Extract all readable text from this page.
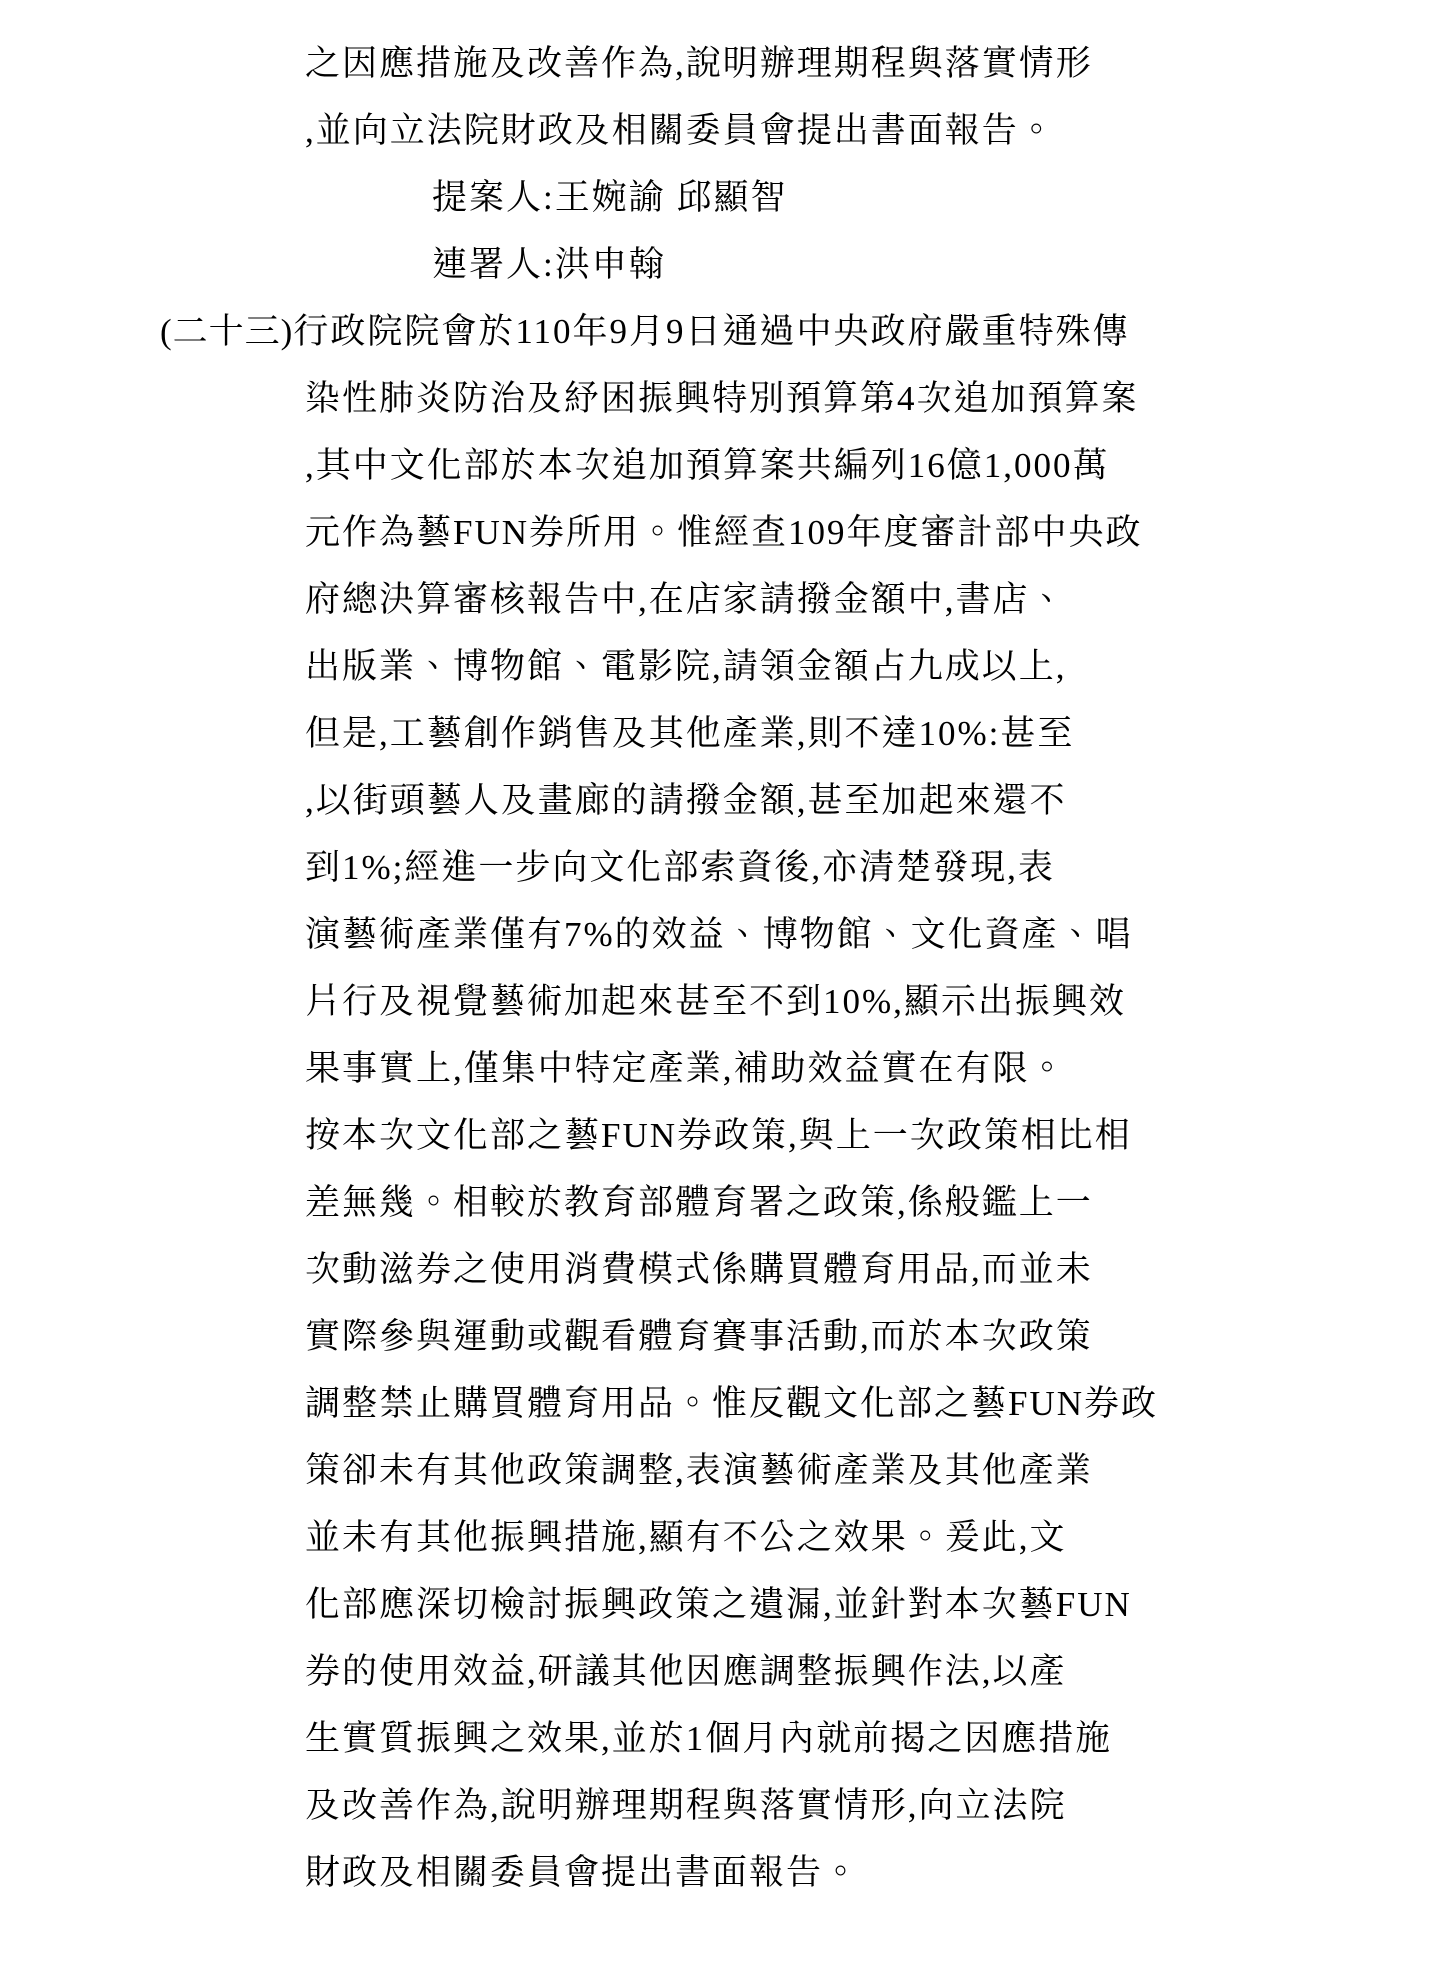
之因應措施及改善作為,說明辦理期程與落實情形
,並向立法院財政及相關委員會提出書面報告。
提案人:王婉諭 邱顯智
連署人:洪申翰
(二十三)行政院院會於110年9月9日通過中央政府嚴重特殊傳
染性肺炎防治及紓困振興特別預算第4次追加預算案
,其中文化部於本次追加預算案共編列16億1,000萬
元作為藝FUN券所用。惟經查109年度審計部中央政
府總決算審核報告中,在店家請撥金額中,書店、
出版業、博物館、電影院,請領金額占九成以上,
但是,工藝創作銷售及其他產業,則不達10%:甚至
,以街頭藝人及畫廊的請撥金額,甚至加起來還不
到1%;經進一步向文化部索資後,亦清楚發現,表
演藝術產業僅有7%的效益、博物館、文化資產、唱
片行及視覺藝術加起來甚至不到10%,顯示出振興效
果事實上,僅集中特定產業,補助效益實在有限。
按本次文化部之藝FUN券政策,與上一次政策相比相
差無幾。相較於教育部體育署之政策,係般鑑上一
次動滋券之使用消費模式係購買體育用品,而並未
實際參與運動或觀看體育賽事活動,而於本次政策
調整禁止購買體育用品。惟反觀文化部之藝FUN券政
策卻未有其他政策調整,表演藝術產業及其他產業
並未有其他振興措施,顯有不公之效果。爰此,文
化部應深切檢討振興政策之遺漏,並針對本次藝FUN
券的使用效益,研議其他因應調整振興作法,以產
生實質振興之效果,並於1個月內就前揭之因應措施
及改善作為,說明辦理期程與落實情形,向立法院
財政及相關委員會提出書面報告。
